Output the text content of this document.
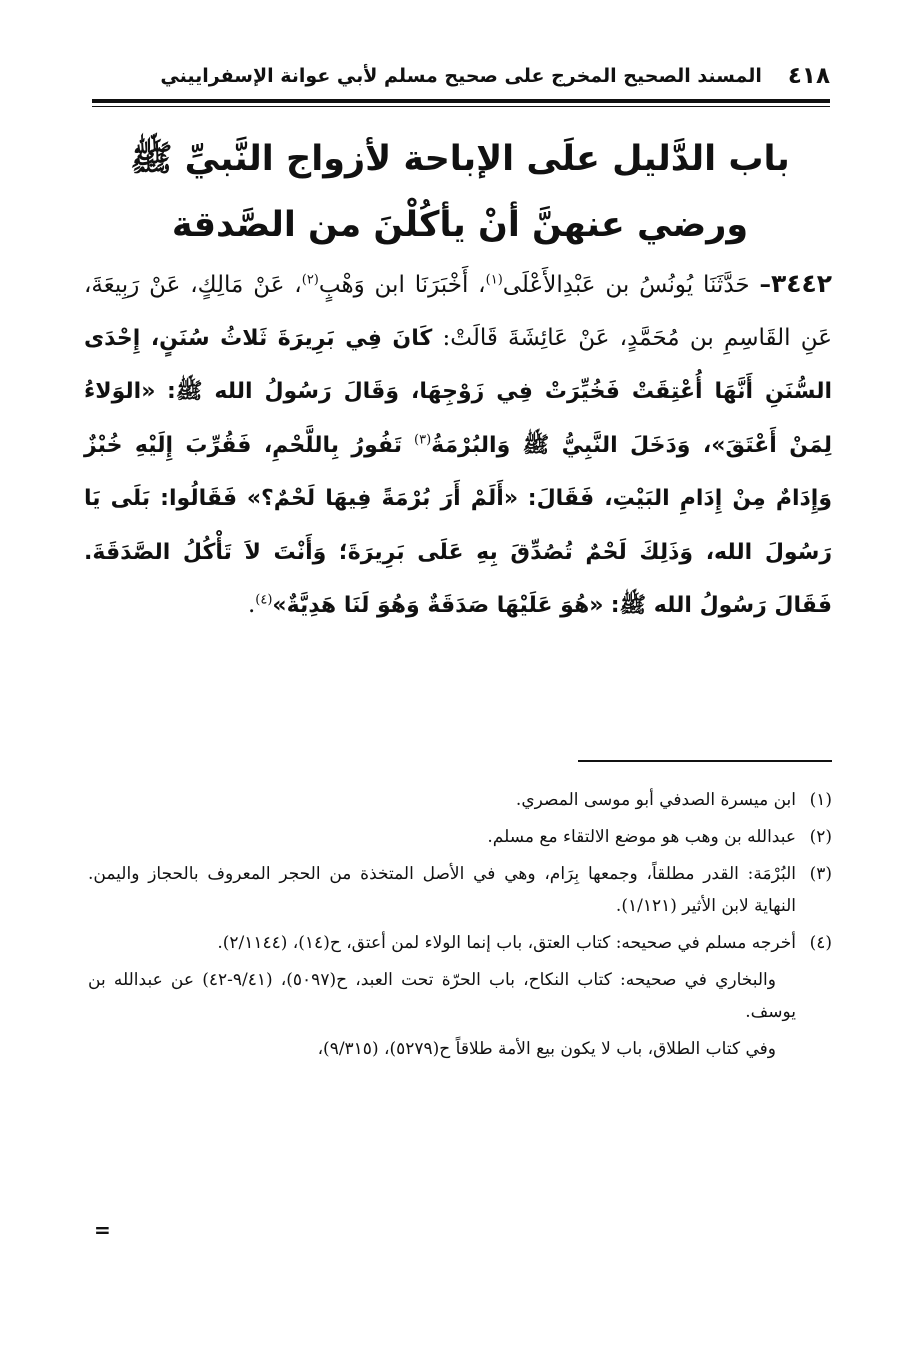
٤١٨
المسند الصحيح المخرج على صحيح مسلم لأبي عوانة الإسفراييني
باب الدَّليل علَى الإباحة لأزواج النَّبيِّ ﷺ ورضي عنهنَّ أنْ يأكُلْنَ من الصَّدقة
٣٤٤٢– حَدَّثَنَا يُونُسُ بن عَبْدِالأَعْلَى$^{(١)}$، أَخْبَرَنَا ابن وَهْبٍ$^{(٢)}$، عَنْ مَالِكٍ، عَنْ رَبِيعَةَ، عَنِ القَاسِمِ بن مُحَمَّدٍ، عَنْ عَائِشَةَ قَالَتْ: كَانَ فِي بَرِيرَةَ ثَلاثُ سُنَنٍ، إِحْدَى السُّنَنِ أَنَّهَا أُعْتِقَتْ فَخُيِّرَتْ فِي زَوْجِهَا، وَقَالَ رَسُولُ الله ﷺ: «الوَلاءُ لِمَنْ أَعْتَقَ»، وَدَخَلَ النَّبِيُّ ﷺ وَالبُرْمَةُ$^{(٣)}$ تَفُورُ بِاللَّحْمِ، فَقُرِّبَ إِلَيْهِ خُبْزٌ وَإِدَامٌ مِنْ إِدَامِ البَيْتِ، فَقَالَ: «أَلَمْ أَرَ بُرْمَةً فِيهَا لَحْمٌ؟» فَقَالُوا: بَلَى يَا رَسُولَ الله، وَذَلِكَ لَحْمٌ تُصُدِّقَ بِهِ عَلَى بَرِيرَةَ؛ وَأَنْتَ لاَ تَأْكُلُ الصَّدَقَةَ. فَقَالَ رَسُولُ الله ﷺ: «هُوَ عَلَيْهَا صَدَقَةٌ وَهُوَ لَنَا هَدِيَّةٌ»$^{(٤)}$.

(١)
ابن ميسرة الصدفي أبو موسى المصري.

(٢)
عبدالله بن وهب هو موضع الالتقاء مع مسلم.

(٣)
البُرْمَة: القدر مطلقاً، وجمعها بِرَام، وهي في الأصل المتخذة من الحجر المعروف بالحجاز واليمن. النهاية لابن الأثير (١/١٢١).

(٤)
أخرجه مسلم في صحيحه: كتاب العتق، باب إنما الولاء لمن أعتق، ح(١٤)، (٢/١١٤٤).

والبخاري في صحيحه: كتاب النكاح، باب الحرّة تحت العبد، ح(٥٠٩٧)، (٩/٤١-٤٢) عن عبدالله بن يوسف.

وفي كتاب الطلاق، باب لا يكون بيع الأمة طلاقاً ح(٥٢٧٩)، (٩/٣١٥)،

=
